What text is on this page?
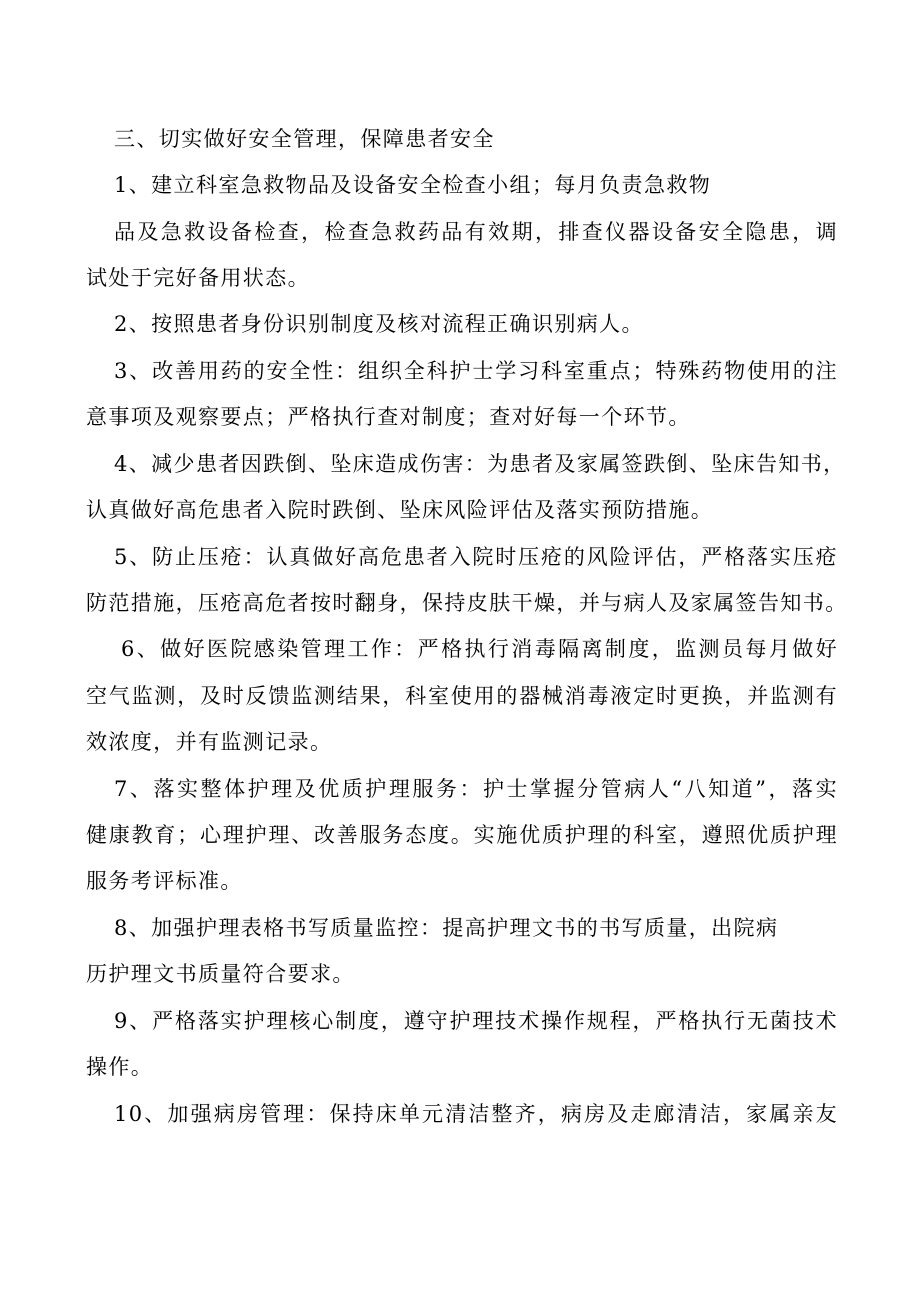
三、切实做好安全管理，保障患者安全
1、建立科室急救物品及设备安全检查小组；每月负责急救物
品及急救设备检查，检查急救药品有效期，排查仪器设备安全隐患，调
试处于完好备用状态。
2、按照患者身份识别制度及核对流程正确识别病人。
3、改善用药的安全性：组织全科护士学习科室重点；特殊药物使用的注
意事项及观察要点；严格执行查对制度；查对好每一个环节。
4、减少患者因跌倒、坠床造成伤害：为患者及家属签跌倒、坠床告知书，
认真做好高危患者入院时跌倒、坠床风险评估及落实预防措施。
5、防止压疮：认真做好高危患者入院时压疮的风险评估，严格落实压疮
防范措施，压疮高危者按时翻身，保持皮肤干燥，并与病人及家属签告知书。
6、做好医院感染管理工作：严格执行消毒隔离制度，监测员每月做好
空气监测，及时反馈监测结果，科室使用的器械消毒液定时更换，并监测有
效浓度，并有监测记录。
7、落实整体护理及优质护理服务：护士掌握分管病人“八知道”，落实
健康教育；心理护理、改善服务态度。实施优质护理的科室，遵照优质护理
服务考评标准。
8、加强护理表格书写质量监控：提高护理文书的书写质量，出院病
历护理文书质量符合要求。
9、严格落实护理核心制度，遵守护理技术操作规程，严格执行无菌技术
操作。
10、加强病房管理：保持床单元清洁整齐，病房及走廊清洁，家属亲友
